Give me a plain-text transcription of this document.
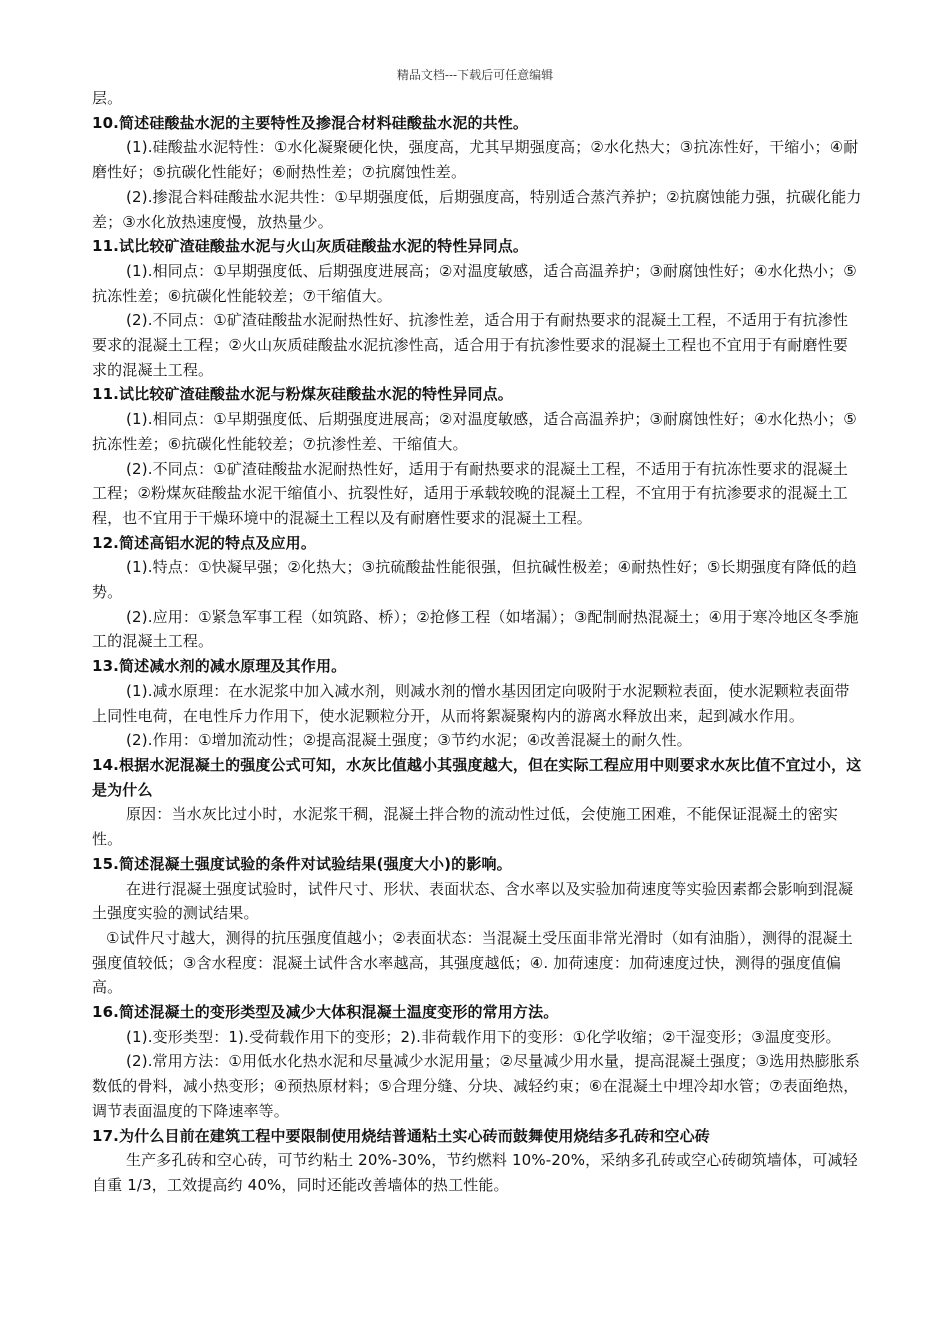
精品文档---下载后可任意编辑

层。

10.简述硅酸盐水泥的主要特性及掺混合材料硅酸盐水泥的共性。

(1).硅酸盐水泥特性：①水化凝聚硬化快，强度高，尤其早期强度高；②水化热大；③抗冻性好，干缩小；④耐磨性好；⑤抗碳化性能好；⑥耐热性差；⑦抗腐蚀性差。

(2).掺混合料硅酸盐水泥共性：①早期强度低，后期强度高，特别适合蒸汽养护；②抗腐蚀能力强，抗碳化能力差；③水化放热速度慢，放热量少。

11.试比较矿渣硅酸盐水泥与火山灰质硅酸盐水泥的特性异同点。

(1).相同点：①早期强度低、后期强度进展高；②对温度敏感，适合高温养护；③耐腐蚀性好；④水化热小；⑤抗冻性差；⑥抗碳化性能较差；⑦干缩值大。

(2).不同点：①矿渣硅酸盐水泥耐热性好、抗渗性差，适合用于有耐热要求的混凝土工程，不适用于有抗渗性要求的混凝土工程；②火山灰质硅酸盐水泥抗渗性高，适合用于有抗渗性要求的混凝土工程也不宜用于有耐磨性要求的混凝土工程。

11.试比较矿渣硅酸盐水泥与粉煤灰硅酸盐水泥的特性异同点。

(1).相同点：①早期强度低、后期强度进展高；②对温度敏感，适合高温养护；③耐腐蚀性好；④水化热小；⑤抗冻性差；⑥抗碳化性能较差；⑦抗渗性差、干缩值大。

(2).不同点：①矿渣硅酸盐水泥耐热性好，适用于有耐热要求的混凝土工程，不适用于有抗冻性要求的混凝土工程；②粉煤灰硅酸盐水泥干缩值小、抗裂性好，适用于承载较晚的混凝土工程，不宜用于有抗渗要求的混凝土工程，也不宜用于干燥环境中的混凝土工程以及有耐磨性要求的混凝土工程。

12.简述高铝水泥的特点及应用。

(1).特点：①快凝早强；②化热大；③抗硫酸盐性能很强，但抗碱性极差；④耐热性好；⑤长期强度有降低的趋势。

(2).应用：①紧急军事工程（如筑路、桥）；②抢修工程（如堵漏）；③配制耐热混凝土；④用于寒冷地区冬季施工的混凝土工程。

13.简述减水剂的减水原理及其作用。

(1).减水原理：在水泥浆中加入减水剂，则减水剂的憎水基因团定向吸附于水泥颗粒表面，使水泥颗粒表面带上同性电荷，在电性斥力作用下，使水泥颗粒分开，从而将絮凝聚构内的游离水释放出来，起到减水作用。

(2).作用：①增加流动性；②提高混凝土强度；③节约水泥；④改善混凝土的耐久性。

14.根据水泥混凝土的强度公式可知，水灰比值越小其强度越大，但在实际工程应用中则要求水灰比值不宜过小，这是为什么

原因：当水灰比过小时，水泥浆干稠，混凝土拌合物的流动性过低，会使施工困难，不能保证混凝土的密实性。

15.简述混凝土强度试验的条件对试验结果(强度大小)的影响。

在进行混凝土强度试验时，试件尺寸、形状、表面状态、含水率以及实验加荷速度等实验因素都会影响到混凝土强度实验的测试结果。

①试件尺寸越大，测得的抗压强度值越小；②表面状态：当混凝土受压面非常光滑时（如有油脂），测得的混凝土强度值较低；③含水程度：混凝土试件含水率越高，其强度越低；④. 加荷速度：加荷速度过快，测得的强度值偏高。

16.简述混凝土的变形类型及减少大体积混凝土温度变形的常用方法。

(1).变形类型：1).受荷载作用下的变形；2).非荷载作用下的变形：①化学收缩；②干湿变形；③温度变形。

(2).常用方法：①用低水化热水泥和尽量减少水泥用量；②尽量减少用水量，提高混凝土强度；③选用热膨胀系数低的骨料，减小热变形；④预热原材料；⑤合理分缝、分块、减轻约束；⑥在混凝土中埋冷却水管；⑦表面绝热，调节表面温度的下降速率等。

17.为什么目前在建筑工程中要限制使用烧结普通粘土实心砖而鼓舞使用烧结多孔砖和空心砖

生产多孔砖和空心砖，可节约粘土 20%-30%，节约燃料 10%-20%，采纳多孔砖或空心砖砌筑墙体，可减轻自重 1/3，工效提高约 40%，同时还能改善墙体的热工性能。
